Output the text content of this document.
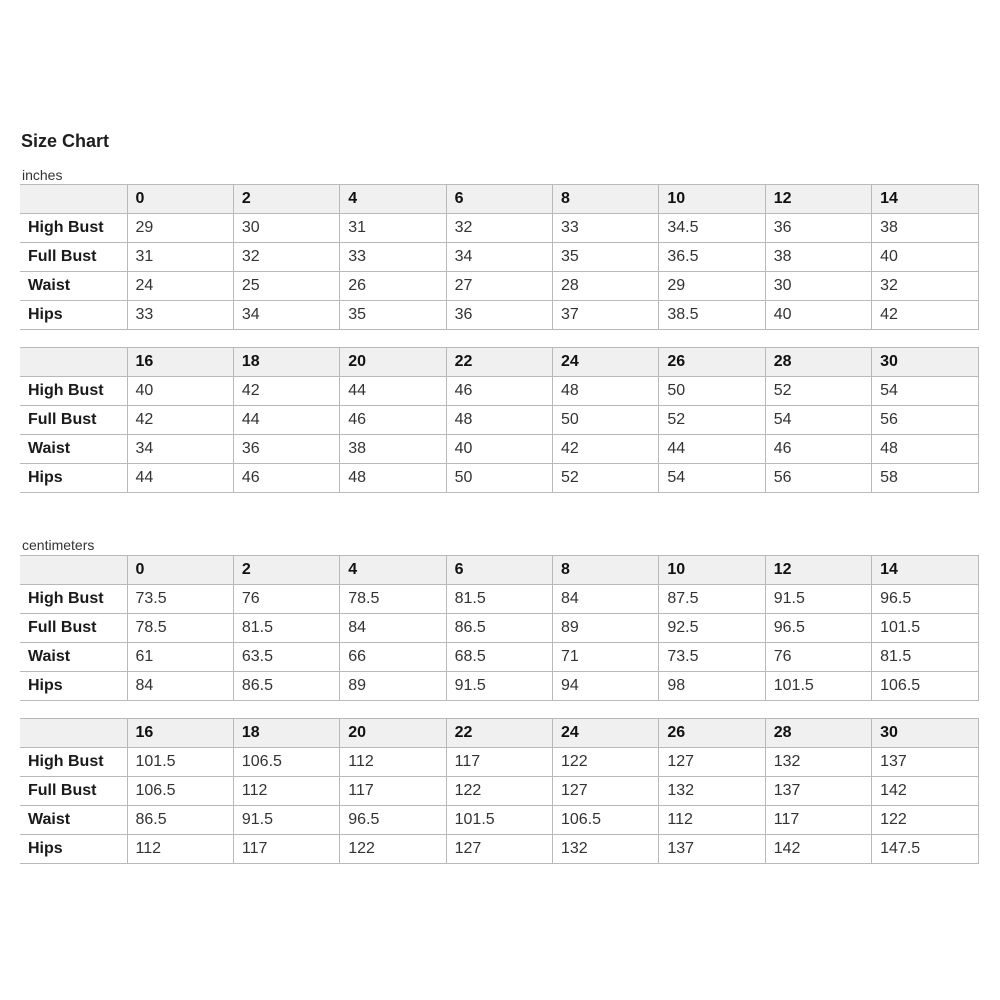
Size Chart
inches
	0	2	4	6	8	10	12	14
High Bust	29	30	31	32	33	34.5	36	38
Full Bust	31	32	33	34	35	36.5	38	40
Waist	24	25	26	27	28	29	30	32
Hips	33	34	35	36	37	38.5	40	42
	16	18	20	22	24	26	28	30
High Bust	40	42	44	46	48	50	52	54
Full Bust	42	44	46	48	50	52	54	56
Waist	34	36	38	40	42	44	46	48
Hips	44	46	48	50	52	54	56	58
centimeters
	0	2	4	6	8	10	12	14
High Bust	73.5	76	78.5	81.5	84	87.5	91.5	96.5
Full Bust	78.5	81.5	84	86.5	89	92.5	96.5	101.5
Waist	61	63.5	66	68.5	71	73.5	76	81.5
Hips	84	86.5	89	91.5	94	98	101.5	106.5
	16	18	20	22	24	26	28	30
High Bust	101.5	106.5	112	117	122	127	132	137
Full Bust	106.5	112	117	122	127	132	137	142
Waist	86.5	91.5	96.5	101.5	106.5	112	117	122
Hips	112	117	122	127	132	137	142	147.5
